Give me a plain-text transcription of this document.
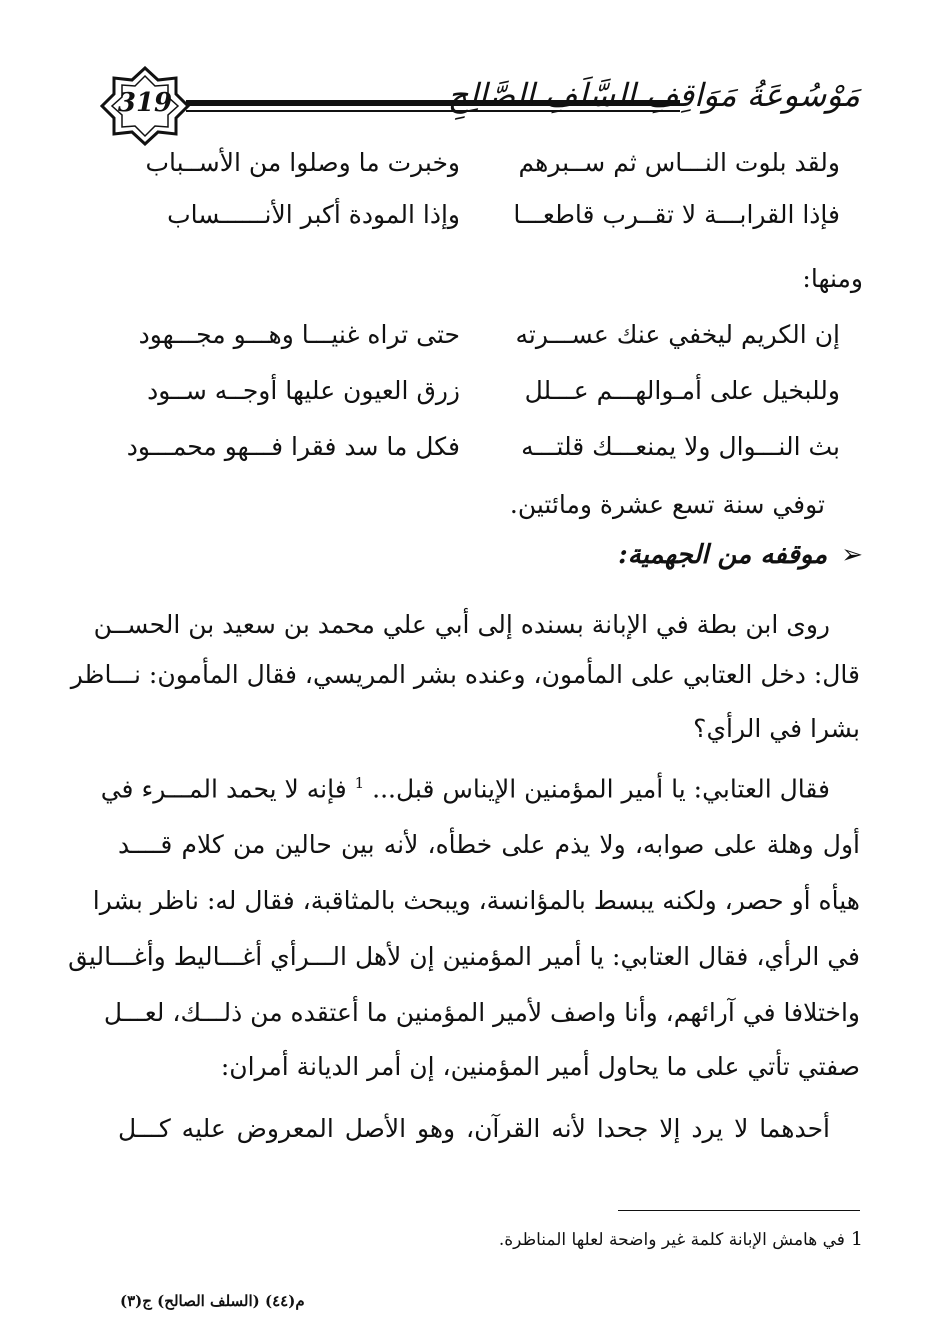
319	مَوْسُوعَةُ مَوَاقِفِ السَّلَفِ الصَّالِحِ
ولقد بلوت النـــاس ثم ســبرهم
وخبرت ما وصلوا من الأســباب
فإذا القرابـــة لا تقــرب قاطعـــا
وإذا المودة أكبر الأنــــــساب
ومنها:
إن الكريم ليخفي عنك عســـرته
حتى تراه غنيـــا وهـــو مجـــهود
وللبخيل على أمـوالهـــم عـــلل
زرق العيون عليها أوجــه ســود
بث النـــوال ولا يمنعـــك قلتـــه
فكل ما سد فقرا فـــهو محمـــود
توفي سنة تسع عشرة ومائتين.
➢موقفه من الجهمية:
روى ابن بطة في الإبانة بسنده إلى أبي علي محمد بن سعيد بن الحســن
قال: دخل العتابي على المأمون، وعنده بشر المريسي، فقال المأمون: نـــاظر
بشرا في الرأي؟
فقال العتابي: يا أمير المؤمنين الإيناس قبل... $^1$ فإنه لا يحمد المـــرء في
أول وهلة على صوابه، ولا يذم على خطأه، لأنه بين حالين من كلام قــــد
هيأه أو حصر، ولكنه يبسط بالمؤانسة، ويبحث بالمثاقبة، فقال له: ناظر بشرا
في الرأي، فقال العتابي: يا أمير المؤمنين إن لأهل الـــرأي أغـــاليط وأغـــاليق
واختلافا في آرائهم، وأنا واصف لأمير المؤمنين ما أعتقده من ذلـــك، لعـــل
صفتي تأتي على ما يحاول أمير المؤمنين، إن أمر الديانة أمران:
أحدهما لا يرد إلا جحدا لأنه القرآن، وهو الأصل المعروض عليه كـــل
1في هامش الإبانة كلمة غير واضحة لعلها المناظرة.
م(٤٤) (السلف الصالح) ج(٣)
